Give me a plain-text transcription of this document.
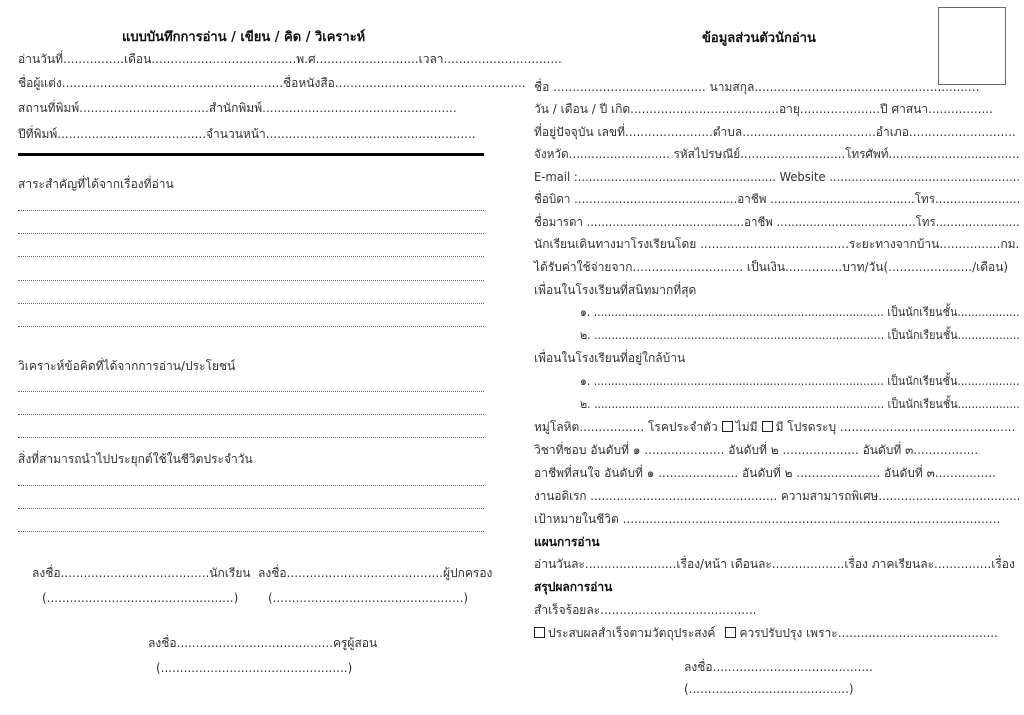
แบบบันทึกการอ่าน / เขียน / คิด / วิเคราะห์
อ่านวันที่................เดือน......................................พ.ศ...........................เวลา...............................
ชื่อผู้แต่ง..........................................................ชื่อหนังสือ..................................................
สถานที่พิมพ์..................................สำนักพิมพ์...................................................
ปีที่พิมพ์.......................................จำนวนหน้า.......................................................
สาระสำคัญที่ได้จากเรื่องที่อ่าน
วิเคราะห์ข้อคิดที่ได้จากการอ่าน/ประโยชน์
สิ่งที่สามารถนำไปประยุกต์ใช้ในชีวิตประจำวัน
ลงชื่อ.......................................นักเรียน ลงชื่อ.........................................ผู้ปกครอง
(.................................................) (..................................................)
ลงชื่อ.........................................ครูผู้สอน
(.................................................)
ข้อมูลส่วนตัวนักอ่าน
ชื่อ ........................................ นามสกุล...........................................................
วัน / เดือน / ปี เกิด.......................................อายุ.....................ปี ศาสนา.................
ที่อยู่ปัจจุบัน เลขที่.......................ตำบล...................................อำเภอ............................
จังหวัด........................... รหัสไปรษณีย์............................โทรศัพท์...................................
E-mail :...................................................... Website ....................................................
ชื่อบิดา ............................................อาชีพ .......................................โทร.......................
ชื่อมารดา ...........................................อาชีพ ......................................โทร.......................
นักเรียนเดินทางมาโรงเรียนโดย .......................................ระยะทางจากบ้าน................กม.
ได้รับค่าใช้จ่ายจาก............................. เป็นเงิน...............บาท/วัน(....................../เดือน)
เพื่อนในโรงเรียนที่สนิทมากที่สุด
๑. .................................................................................... เป็นนักเรียนชั้น..................
๒. .................................................................................... เป็นนักเรียนชั้น..................
เพื่อนในโรงเรียนที่อยู่ใกล้บ้าน
๑. .................................................................................... เป็นนักเรียนชั้น..................
๒. .................................................................................... เป็นนักเรียนชั้น..................
หมู่โลหิต................. โรคประจำตัว ไม่มี มี โปรดระบุ ..............................................
วิชาที่ชอบ อันดับที่ ๑ ..................... อันดับที่ ๒ .................... อันดับที่ ๓.................
อาชีพที่สนใจ อันดับที่ ๑ ..................... อันดับที่ ๒ ...................... อันดับที่ ๓................
งานอดิเรก .................................................. ความสามารถพิเศษ......................................
เป้าหมายในชีวิต ...................................................................................................
แผนการอ่าน
อ่านวันละ........................เรื่อง/หน้า เดือนละ...................เรื่อง ภาคเรียนละ...............เรื่อง
สรุปผลการอ่าน
สำเร็จร้อยละ.........................................
ประสบผลสำเร็จตามวัตถุประสงค์ ควรปรับปรุง เพราะ..........................................
ลงชื่อ..........................................
(..........................................)
